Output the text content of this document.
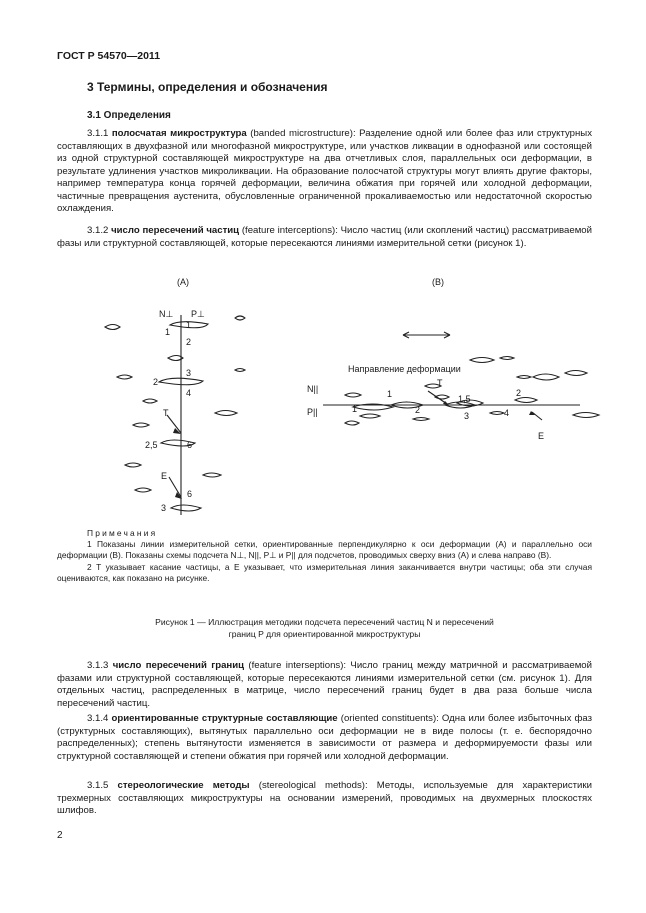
ГОСТ Р 54570—2011
3 Термины, определения и обозначения
3.1 Определения

3.1.1 полосчатая микроструктура (banded microstructure): Разделение одной или более фаз или структурных составляющих в двухфазной или многофазной микроструктуре, или участков ликвации в однофазной или состоящей из одной структурной составляющей микроструктуре на два отчетливых слоя, параллельных оси деформации, в результате удлинения участков микроликвации. На образование полосчатой структуры могут влиять другие факторы, например температура конца горячей деформации, величина обжатия при горячей или холодной деформации, частичные превращения аустенита, обусловленные ограниченной прокаливаемостью или недостаточной скоростью охлаждения.

3.1.2 число пересечений частиц (feature interceptions): Число частиц (или скоплений частиц) рассматриваемой фазы или структурной составляющей, которые пересекаются линиями измерительной сетки (рисунок 1).

(A)	(B)
N⊥ P⊥
1
1
2
2
3
4
T
2,5	6
E
3
6
Направление деформации
N||
P||
T
1
1	2
1,5
3
2
4
E
Примечания

1 Показаны линии измерительной сетки, ориентированные перпендикулярно к оси деформации (А) и параллельно оси деформации (В). Показаны схемы подсчета N⊥, N||, P⊥ и P|| для подсчетов, проводимых сверху вниз (А) и слева направо (В).

2 Т указывает касание частицы, а Е указывает, что измерительная линия заканчивается внутри частицы; оба эти случая оцениваются, как показано на рисунке.

Рисунок 1 — Иллюстрация методики подсчета пересечений частиц N и пересечений
границ P для ориентированной микроструктуры

3.1.3 число пересечений границ (feature interseptions): Число границ между матричной и рассматриваемой фазами или структурной составляющей, которые пересекаются линиями измерительной сетки (см. рисунок 1). Для отдельных частиц, распределенных в матрице, число пересечений границ будет в два раза больше числа пересечений частиц.

3.1.4 ориентированные структурные составляющие (oriented constituents): Одна или более избыточных фаз (структурных составляющих), вытянутых параллельно оси деформации не в виде полосы (т. е. беспорядочно распределенных); степень вытянутости изменяется в зависимости от размера и деформируемости фазы или структурной составляющей и степени обжатия при горячей или холодной деформации.

3.1.5 стереологические методы (stereological methods): Методы, используемые для характеристики трехмерных составляющих микроструктуры на основании измерений, проводимых на двухмерных плоскостях шлифов.

2
